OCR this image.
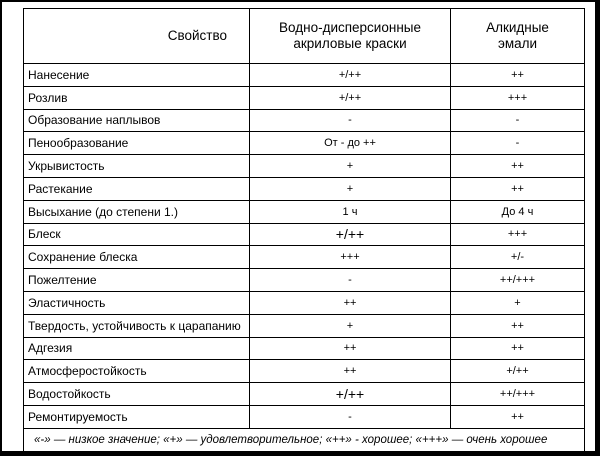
Свойство	Водно-дисперсионные акриловые краски	Алкидные эмали
Нанесение	+/++	++
Розлив	+/++	+++
Образование наплывов	-	-
Пенообразование	От - до ++	-
Укрывистость	+	++
Растекание	+	++
Высыхание (до степени 1.)	1 ч	До 4 ч
Блеск	+/++	+++
Сохранение блеска	+++	+/-
Пожелтение	-	++/+++
Эластичность	++	+
Твердость, устойчивость к царапанию	+	++
Адгезия	++	++
Атмосферостойкость	++	+/++
Водостойкость	+/++	++/+++
Ремонтируемость	-	++
«-» — низкое значение; «+» — удовлетворительное; «++» - хорошее; «+++» — очень хорошее		
